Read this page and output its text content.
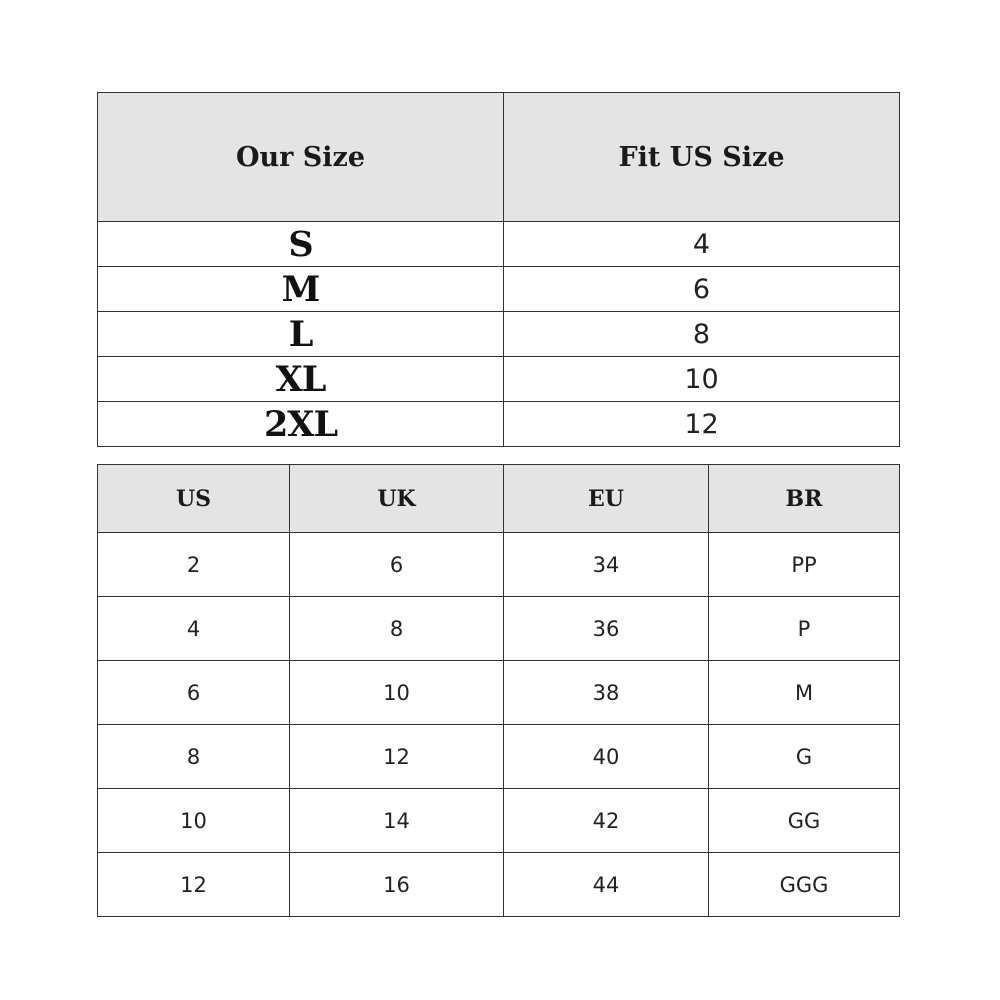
Our Size	Fit US Size
S	4
M	6
L	8
XL	10
2XL	12
US	UK	EU	BR
2	6	34	PP
4	8	36	P
6	10	38	M
8	12	40	G
10	14	42	GG
12	16	44	GGG
